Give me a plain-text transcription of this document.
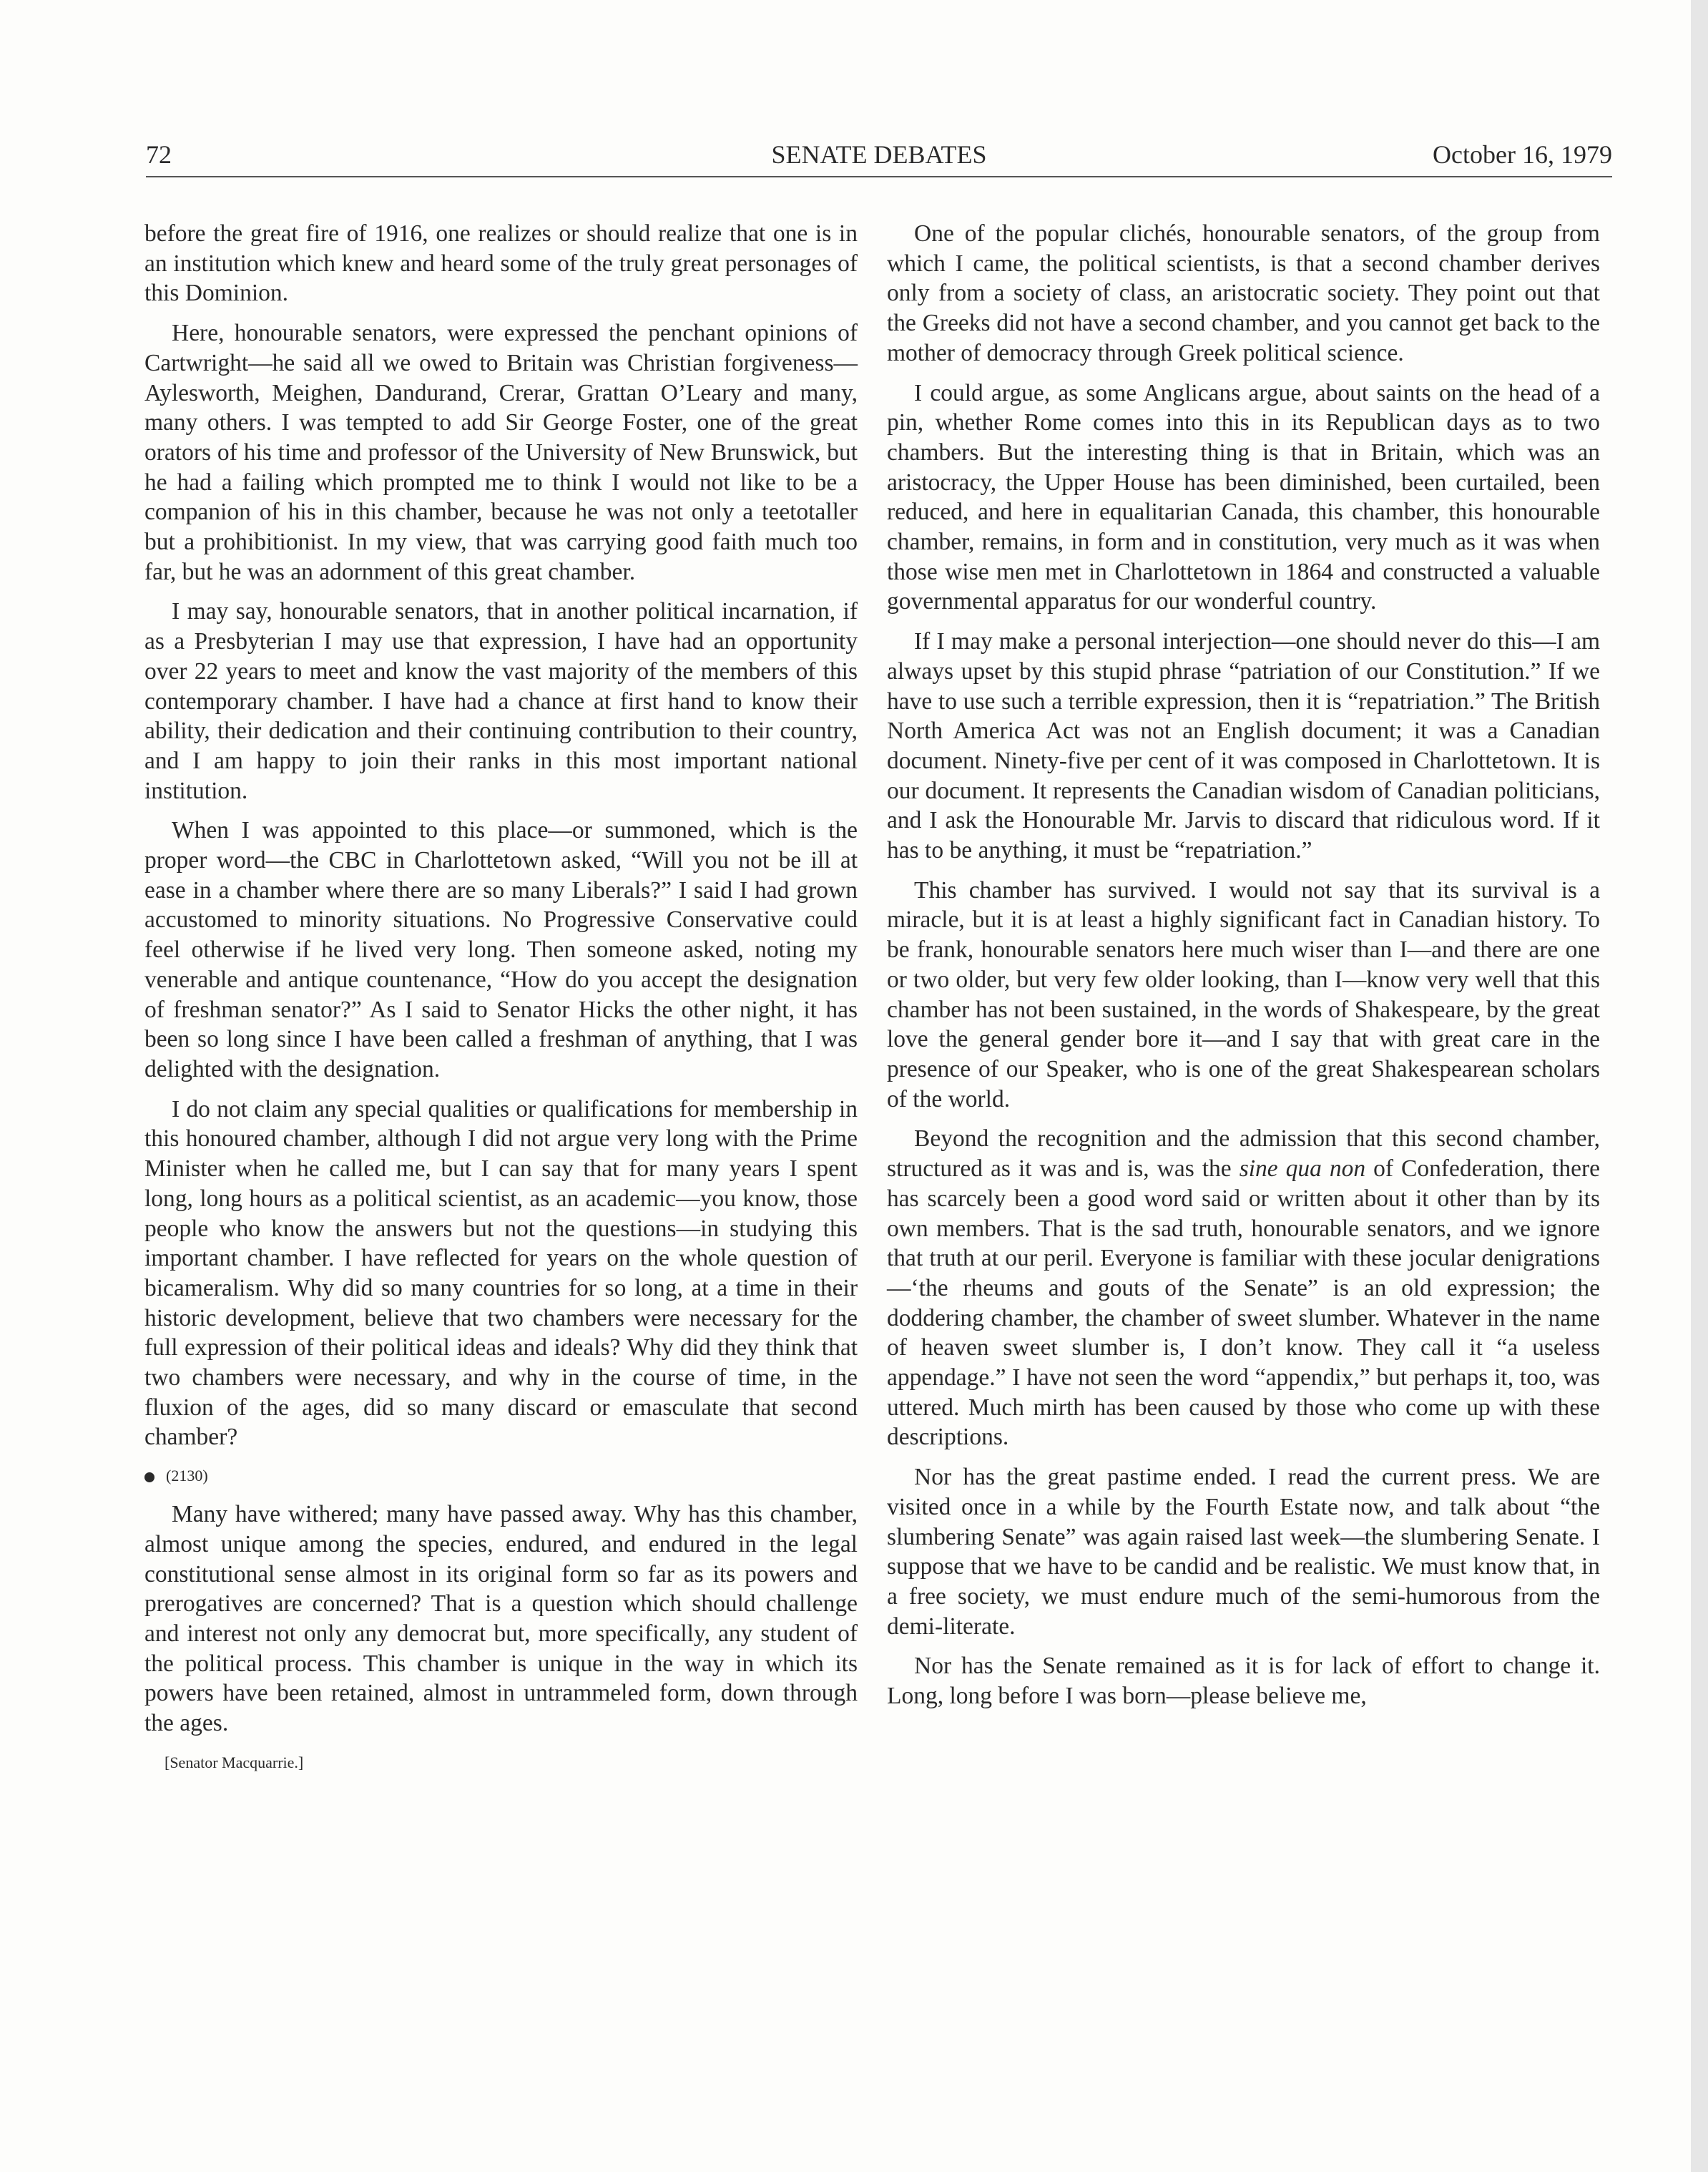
SENATE DEBATES
72	October 16, 1979

before the great fire of 1916, one realizes or should realize that one is in an institution which knew and heard some of the truly great personages of this Dominion.

Here, honourable senators, were expressed the penchant opinions of Cartwright—he said all we owed to Britain was Christian forgiveness—Aylesworth, Meighen, Dandurand, Crerar, Grattan O’Leary and many, many others. I was tempted to add Sir George Foster, one of the great orators of his time and professor of the University of New Brunswick, but he had a failing which prompted me to think I would not like to be a companion of his in this chamber, because he was not only a teetotaller but a prohibitionist. In my view, that was carrying good faith much too far, but he was an adornment of this great chamber.

I may say, honourable senators, that in another political incarnation, if as a Presbyterian I may use that expression, I have had an opportunity over 22 years to meet and know the vast majority of the members of this contemporary chamber. I have had a chance at first hand to know their ability, their dedication and their continuing contribution to their country, and I am happy to join their ranks in this most important national institution.

When I was appointed to this place—or summoned, which is the proper word—the CBC in Charlottetown asked, “Will you not be ill at ease in a chamber where there are so many Liberals?” I said I had grown accustomed to minority situations. No Progressive Conservative could feel otherwise if he lived very long. Then someone asked, noting my venerable and antique countenance, “How do you accept the designation of freshman senator?” As I said to Senator Hicks the other night, it has been so long since I have been called a freshman of anything, that I was delighted with the designation.

I do not claim any special qualities or qualifications for membership in this honoured chamber, although I did not argue very long with the Prime Minister when he called me, but I can say that for many years I spent long, long hours as a political scientist, as an academic—you know, those people who know the answers but not the questions—in studying this important chamber. I have reflected for years on the whole question of bicameralism. Why did so many countries for so long, at a time in their historic development, believe that two chambers were necessary for the full expression of their political ideas and ideals? Why did they think that two chambers were necessary, and why in the course of time, in the fluxion of the ages, did so many discard or emasculate that second chamber?

(2130)

Many have withered; many have passed away. Why has this chamber, almost unique among the species, endured, and endured in the legal constitutional sense almost in its original form so far as its powers and prerogatives are concerned? That is a question which should challenge and interest not only any democrat but, more specifically, any student of the political process. This chamber is unique in the way in which its powers have been retained, almost in untrammeled form, down through the ages.

[Senator Macquarrie.]

One of the popular clichés, honourable senators, of the group from which I came, the political scientists, is that a second chamber derives only from a society of class, an aristocratic society. They point out that the Greeks did not have a second chamber, and you cannot get back to the mother of democracy through Greek political science.

I could argue, as some Anglicans argue, about saints on the head of a pin, whether Rome comes into this in its Republican days as to two chambers. But the interesting thing is that in Britain, which was an aristocracy, the Upper House has been diminished, been curtailed, been reduced, and here in equalitarian Canada, this chamber, this honourable chamber, remains, in form and in constitution, very much as it was when those wise men met in Charlottetown in 1864 and constructed a valuable governmental apparatus for our wonderful country.

If I may make a personal interjection—one should never do this—I am always upset by this stupid phrase “patriation of our Constitution.” If we have to use such a terrible expression, then it is “repatriation.” The British North America Act was not an English document; it was a Canadian document. Ninety-five per cent of it was composed in Charlottetown. It is our document. It represents the Canadian wisdom of Canadian politicians, and I ask the Honourable Mr. Jarvis to discard that ridiculous word. If it has to be anything, it must be “repatriation.”

This chamber has survived. I would not say that its survival is a miracle, but it is at least a highly significant fact in Canadian history. To be frank, honourable senators here much wiser than I—and there are one or two older, but very few older looking, than I—know very well that this chamber has not been sustained, in the words of Shakespeare, by the great love the general gender bore it—and I say that with great care in the presence of our Speaker, who is one of the great Shakespearean scholars of the world.

Beyond the recognition and the admission that this second chamber, structured as it was and is, was the sine qua non of Confederation, there has scarcely been a good word said or written about it other than by its own members. That is the sad truth, honourable senators, and we ignore that truth at our peril. Everyone is familiar with these jocular denigrations—‘the rheums and gouts of the Senate” is an old expression; the doddering chamber, the chamber of sweet slumber. Whatever in the name of heaven sweet slumber is, I don’t know. They call it “a useless appendage.” I have not seen the word “appendix,” but perhaps it, too, was uttered. Much mirth has been caused by those who come up with these descriptions.

Nor has the great pastime ended. I read the current press. We are visited once in a while by the Fourth Estate now, and talk about “the slumbering Senate” was again raised last week—the slumbering Senate. I suppose that we have to be candid and be realistic. We must know that, in a free society, we must endure much of the semi-humorous from the demi-literate.

Nor has the Senate remained as it is for lack of effort to change it. Long, long before I was born—please believe me,
